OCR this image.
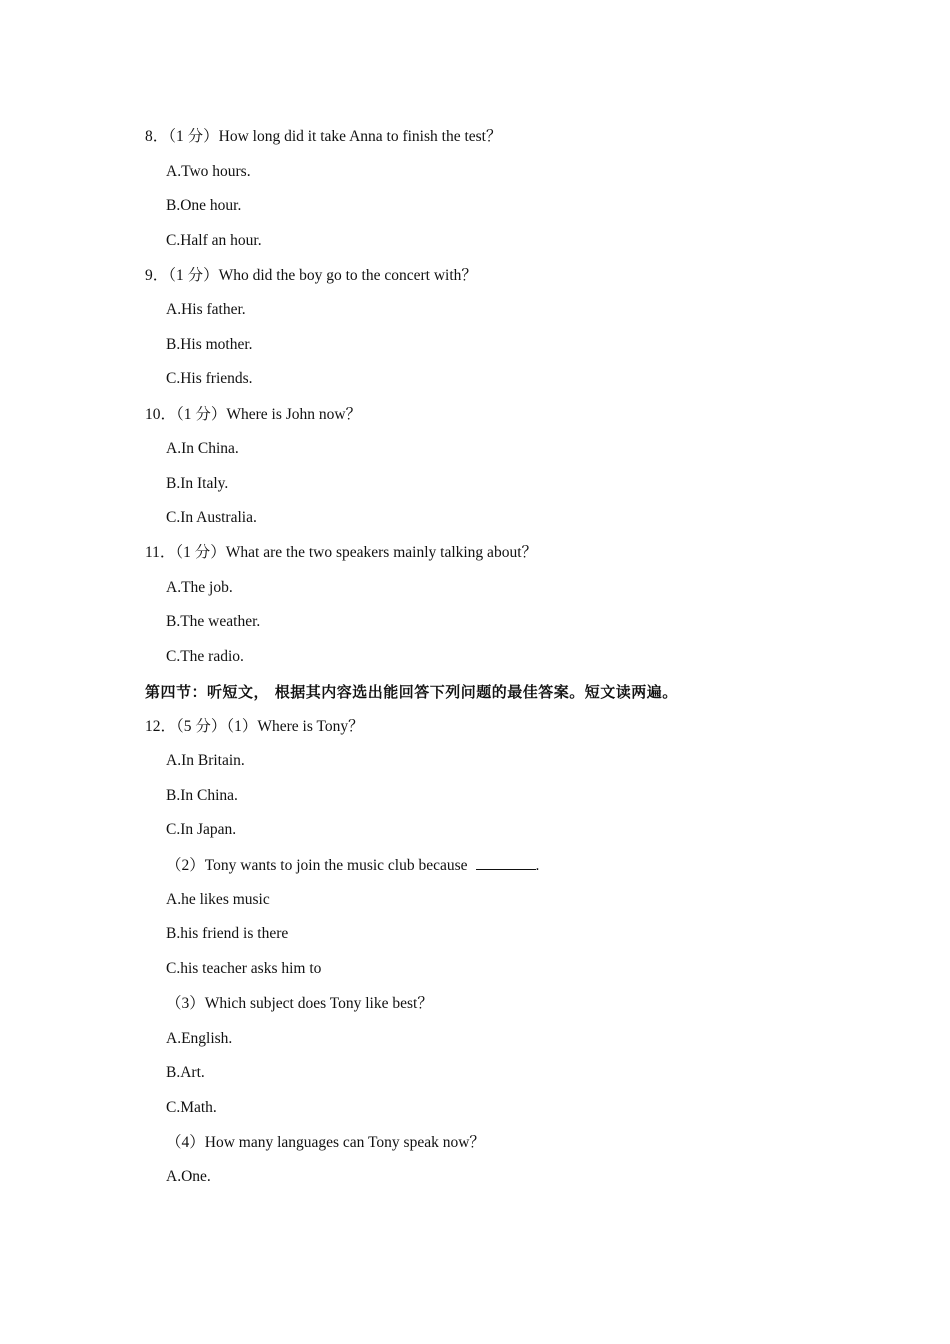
8．（1 分）How long did it take Anna to finish the test？
A.Two hours.
B.One hour.
C.Half an hour.
9．（1 分）Who did the boy go to the concert with？
A.His father.
B.His mother.
C.His friends.
10．（1 分）Where is John now？
A.In China.
B.In Italy.
C.In Australia.
11．（1 分）What are the two speakers mainly talking about？
A.The job.
B.The weather.
C.The radio.
第四节：听短文， 根据其内容选出能回答下列问题的最佳答案。短文读两遍。
12．（5 分）（1）Where is Tony？
A.In Britain.
B.In China.
C.In Japan.
（2）Tony wants to join the music club because	.
A.he likes music
B.his friend is there
C.his teacher asks him to
（3）Which subject does Tony like best？
A.English.
B.Art.
C.Math.
（4）How many languages can Tony speak now？
A.One.
